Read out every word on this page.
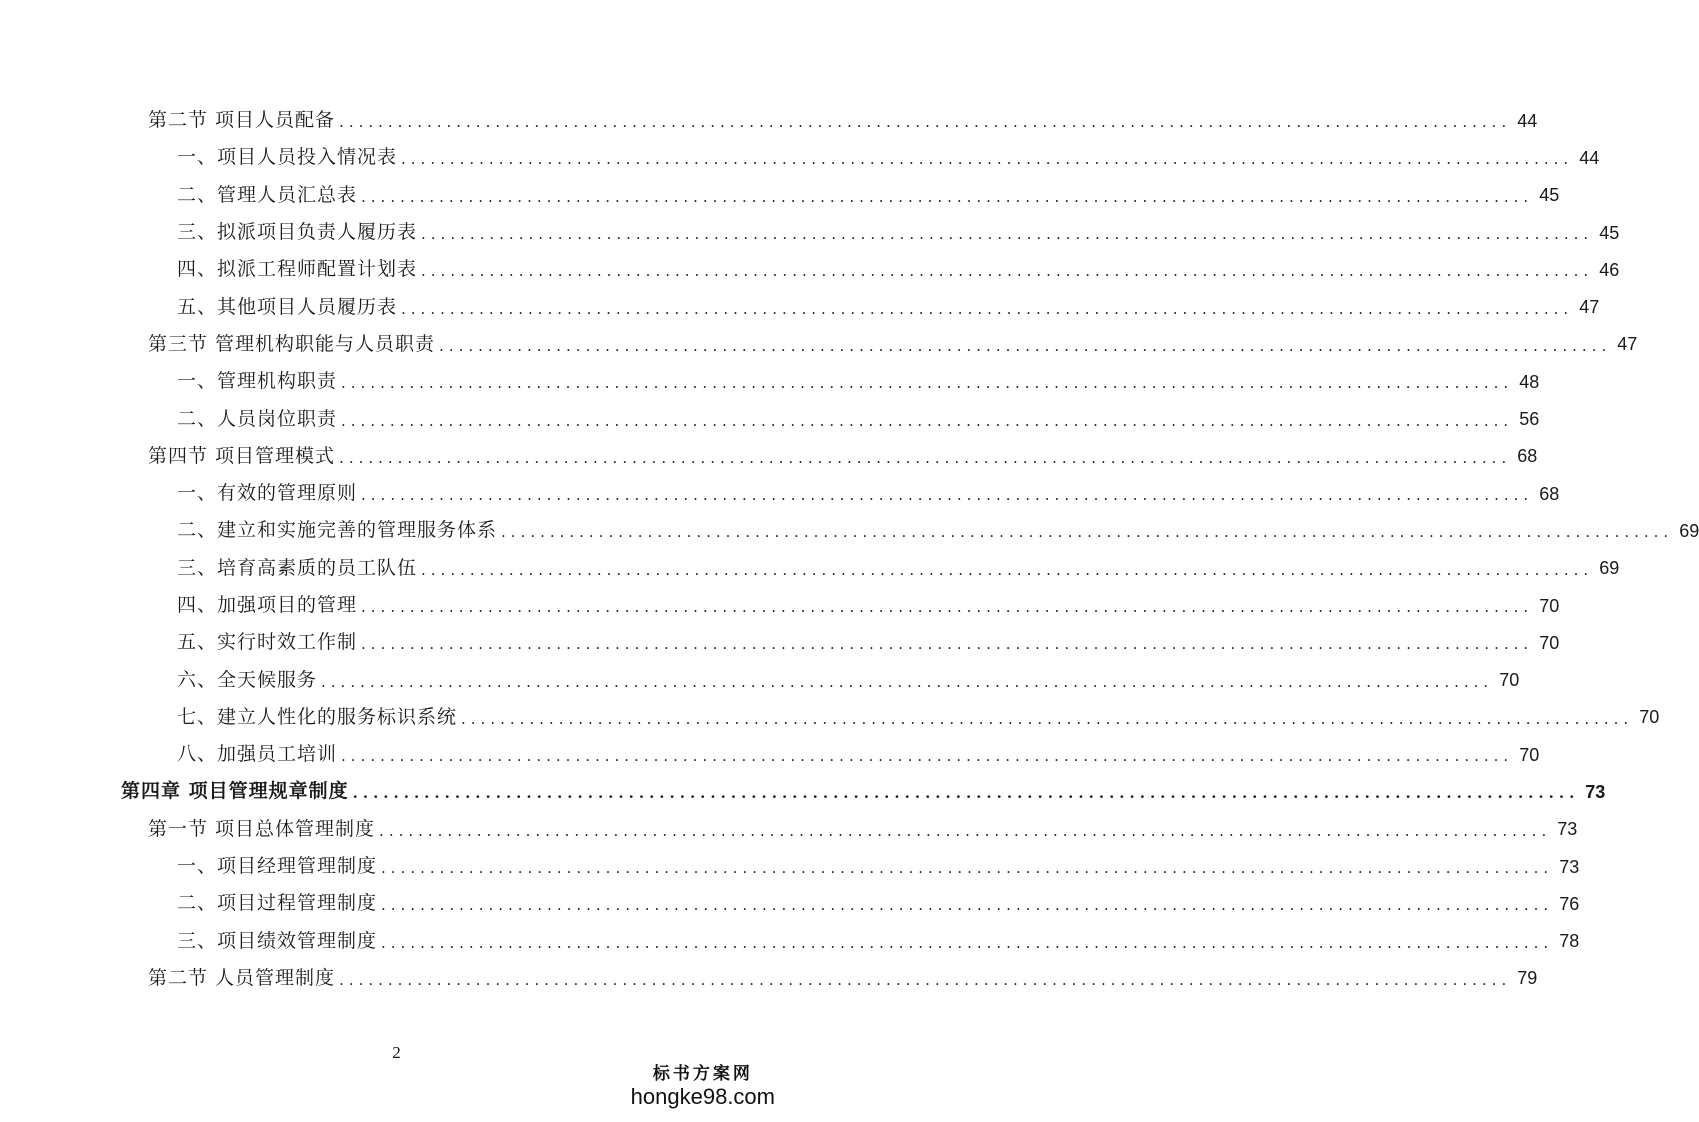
第二节 项目人员配备 ........................................................................................................................ 44
一、项目人员投入情况表 ........................................................................................................................ 44
二、管理人员汇总表 ........................................................................................................................ 45
三、拟派项目负责人履历表 ........................................................................................................................ 45
四、拟派工程师配置计划表 ........................................................................................................................ 46
五、其他项目人员履历表 ........................................................................................................................ 47
第三节 管理机构职能与人员职责 ........................................................................................................................ 47
一、管理机构职责 ........................................................................................................................ 48
二、人员岗位职责 ........................................................................................................................ 56
第四节 项目管理模式 ........................................................................................................................ 68
一、有效的管理原则 ........................................................................................................................ 68
二、建立和实施完善的管理服务体系 ........................................................................................................................ 69
三、培育高素质的员工队伍 ........................................................................................................................ 69
四、加强项目的管理 ........................................................................................................................ 70
五、实行时效工作制 ........................................................................................................................ 70
六、全天候服务 ........................................................................................................................ 70
七、建立人性化的服务标识系统 ........................................................................................................................ 70
八、加强员工培训 ........................................................................................................................ 70
第四章 项目管理规章制度 ........................................................................................................................ 73
第一节 项目总体管理制度 ........................................................................................................................ 73
一、项目经理管理制度 ........................................................................................................................ 73
二、项目过程管理制度 ........................................................................................................................ 76
三、项目绩效管理制度 ........................................................................................................................ 78
第二节 人员管理制度 ........................................................................................................................ 79
2
标书方案网
hongke98.com
